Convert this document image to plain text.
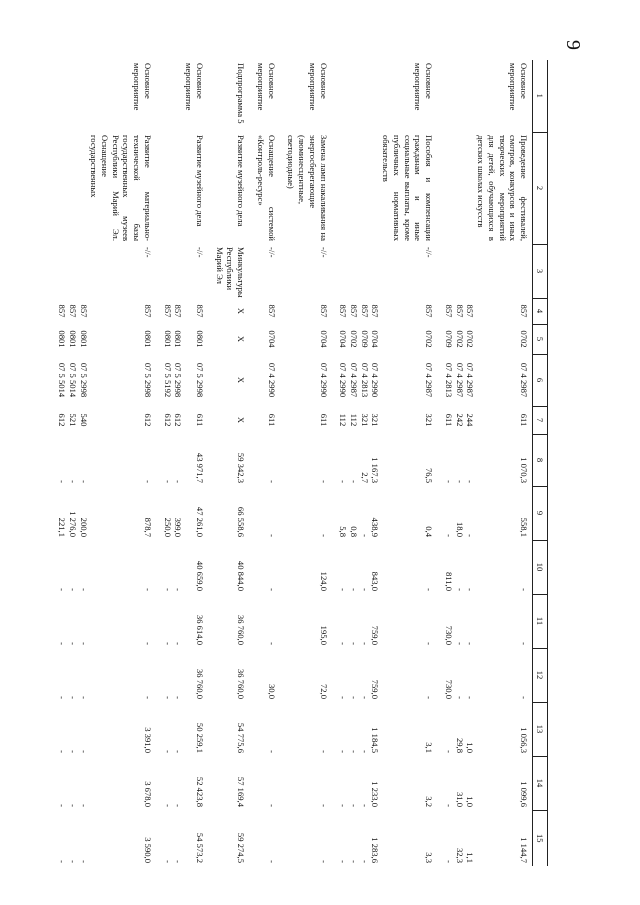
9
1	2	3	4	5	6	7	8	9	10	11	12	13	14	15
Основное мероприятие	Проведение фестивалей, смотров, конкурсов и иных творческих мероприятий для детей, обучающихся в детских школах искусств		857	0702	07 4 2987	611	1 070,3	558,1	-	-	-	1 056,3	1 099,6	1 144,7
			857	0702	07 4 2987	244	-	-	-	-	-	1,0	1,0	1,1
			857	0702	07 4 2987	242	-	18,0	-	-	-	29,8	31,0	32,3
			857	0709	07 4 2813	611	-	-	811,0	730,0	730,0	-	-	-

Основное мероприятие	Пособия и компенсации гражданам и иные социальные выплаты, кроме публичных нормативных обязательств	-//-	857	0702	07 4 2987	321	76,5	0,4	-	-	-	3,1	3,2	3,3
			857	0704	07 4 2990	321	1 167,3	438,9	843,0	759,0	759,0	1 184,5	1 233,0	1 283,6
			857	0709	07 4 2813	321	2,7	-	-	-	-	-	-	-
			857	0702	07 4 2987	112	-	0,8	-	-	-	-	-	-
			857	0704	07 4 2990	112	-	5,8	-	-	-	-	-	-

Основное мероприятие	Замена ламп накаливания на энергосберегающие (люминесцентные, светодиодные)	-//-	857	0704	07 4 2990	611	-	-	124,0	195,0	72,0	-	-	-

Основное мероприятие	Оснащение системой «Контроль-ресурс»	-//-	857	0704	07 4 2990	611	-	-	-	-	30,0	-	-	-

Подпрограмма 5	Развитие музейного дела	Минкультуры Республики Марий Эл	X	X	X	X	59 342,3	66 558,6	40 844,0	36 760,0	36 760,0	54 775,6	57 169,4	59 274,5

Основное мероприятие	Развитие музейного дела	-//-	857	0801	07 5 2998	611	43 971,7	47 261,0	40 659,0	36 614,0	36 760,0	50 259,1	52 423,8	54 573,2
			857	0801	07 5 2998	612	-	399,0	-	-	-	-	-	-
			857	0801	07 5 5192	612	-	250,0	-	-	-	-	-	-

Основное мероприятие	Развитие материально-технической базы государственных музеев Республики Марий Эл. Оснащение государственных	-//-	857	0801	07 5 2998	612	-	878,7	-	-	-	3 391,0	3 678,0	3 590,0
			857	0801	07 5 2998	540	-	200,0	-	-	-	-	-	-
			857	0801	07 5 5014	521	-	1 276,0	-	-	-	-	-	-
			857	0801	07 5 5014	612	-	221,1	-	-	-	-	-	-
